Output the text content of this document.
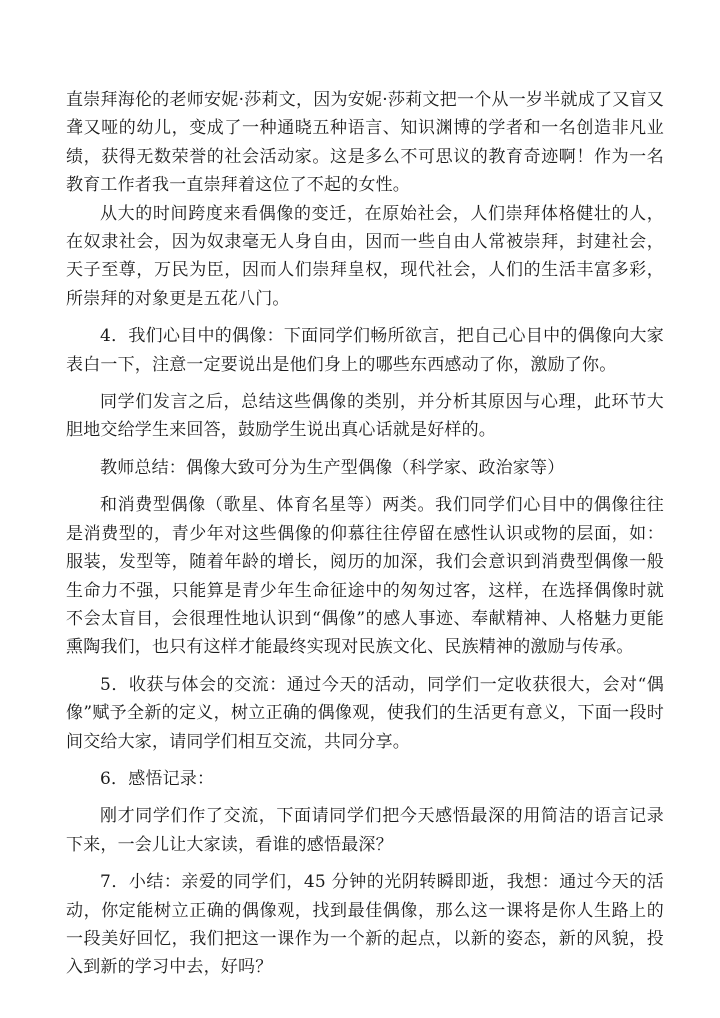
直崇拜海伦的老师安妮·莎莉文，因为安妮·莎莉文把一个从一岁半就成了又盲又聋又哑的幼儿，变成了一种通晓五种语言、知识渊博的学者和一名创造非凡业绩，获得无数荣誉的社会活动家。这是多么不可思议的教育奇迹啊！作为一名教育工作者我一直崇拜着这位了不起的女性。

从大的时间跨度来看偶像的变迁，在原始社会，人们崇拜体格健壮的人，在奴隶社会，因为奴隶毫无人身自由，因而一些自由人常被崇拜，封建社会，天子至尊，万民为臣，因而人们崇拜皇权，现代社会，人们的生活丰富多彩，所崇拜的对象更是五花八门。

4．我们心目中的偶像：下面同学们畅所欲言，把自己心目中的偶像向大家表白一下，注意一定要说出是他们身上的哪些东西感动了你，激励了你。

同学们发言之后，总结这些偶像的类别，并分析其原因与心理，此环节大胆地交给学生来回答，鼓励学生说出真心话就是好样的。

教师总结：偶像大致可分为生产型偶像（科学家、政治家等）

和消费型偶像（歌星、体育名星等）两类。我们同学们心目中的偶像往往是消费型的，青少年对这些偶像的仰慕往往停留在感性认识或物的层面，如：服装，发型等，随着年龄的增长，阅历的加深，我们会意识到消费型偶像一般生命力不强，只能算是青少年生命征途中的匆匆过客，这样，在选择偶像时就不会太盲目，会很理性地认识到“偶像”的感人事迹、奉献精神、人格魅力更能熏陶我们，也只有这样才能最终实现对民族文化、民族精神的激励与传承。

5．收获与体会的交流：通过今天的活动，同学们一定收获很大，会对“偶像”赋予全新的定义，树立正确的偶像观，使我们的生活更有意义，下面一段时间交给大家，请同学们相互交流，共同分享。

6．感悟记录：

刚才同学们作了交流，下面请同学们把今天感悟最深的用简洁的语言记录下来，一会儿让大家读，看谁的感悟最深？

7．小结：亲爱的同学们，45 分钟的光阴转瞬即逝，我想：通过今天的活动，你定能树立正确的偶像观，找到最佳偶像，那么这一课将是你人生路上的一段美好回忆，我们把这一课作为一个新的起点，以新的姿态，新的风貌，投入到新的学习中去，好吗？
